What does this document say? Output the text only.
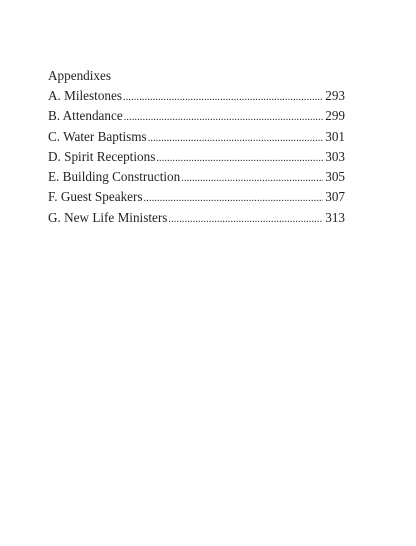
Appendixes
A. Milestones .....	293
B. Attendance .....	299
C. Water Baptisms .....	301
D. Spirit Receptions .....	303
E. Building Construction .....	305
F. Guest Speakers .....	307
G. New Life Ministers .....	313
